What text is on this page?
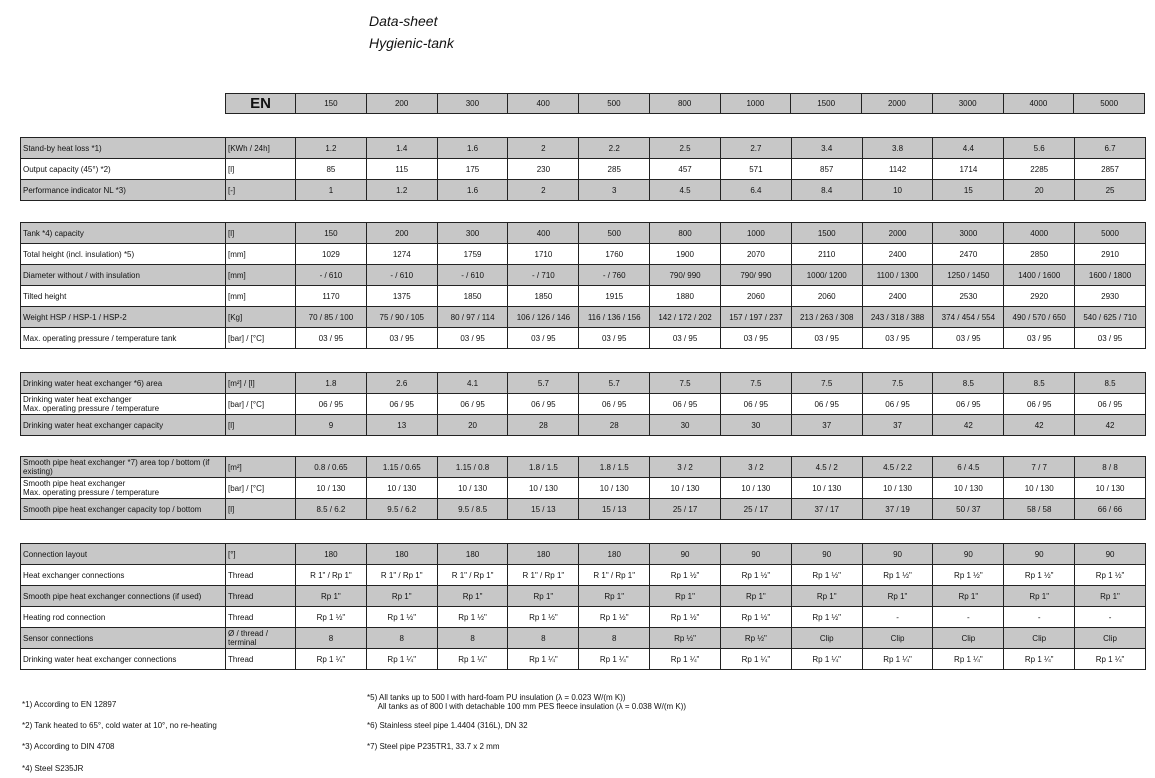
Data-sheet
Hygienic-tank
EN	150	200	300	400	500	800	1000	1500	2000	3000	4000	5000
Stand-by heat loss *1)	[KWh / 24h]	1.2	1.4	1.6	2	2.2	2.5	2.7	3.4	3.8	4.4	5.6	6.7
Output capacity (45°) *2)	[l]	85	115	175	230	285	457	571	857	1142	1714	2285	2857
Performance indicator NL *3)	[-]	1	1.2	1.6	2	3	4.5	6.4	8.4	10	15	20	25
Tank *4) capacity	[l]	150	200	300	400	500	800	1000	1500	2000	3000	4000	5000
Total height (incl. insulation) *5)	[mm]	1029	1274	1759	1710	1760	1900	2070	2110	2400	2470	2850	2910
Diameter without / with insulation	[mm]	- / 610	- / 610	- / 610	- / 710	- / 760	790/ 990	790/ 990	1000/ 1200	1100 / 1300	1250 / 1450	1400 / 1600	1600 / 1800
Tilted height	[mm]	1170	1375	1850	1850	1915	1880	2060	2060	2400	2530	2920	2930
Weight HSP / HSP-1 / HSP-2	[Kg]	70 / 85 / 100	75 / 90 / 105	80 / 97 / 114	106 / 126 / 146	116 / 136 / 156	142 / 172 / 202	157 / 197 / 237	213 / 263 / 308	243 / 318 / 388	374 / 454 / 554	490 / 570 / 650	540 / 625 / 710
Max. operating pressure / temperature tank	[bar] / [°C]	03 / 95	03 / 95	03 / 95	03 / 95	03 / 95	03 / 95	03 / 95	03 / 95	03 / 95	03 / 95	03 / 95	03 / 95
Drinking water heat exchanger *6) area	[m²] / [l]	1.8	2.6	4.1	5.7	5.7	7.5	7.5	7.5	7.5	8.5	8.5	8.5
Drinking water heat exchanger
Max. operating pressure / temperature	[bar] / [°C]	06 / 95	06 / 95	06 / 95	06 / 95	06 / 95	06 / 95	06 / 95	06 / 95	06 / 95	06 / 95	06 / 95	06 / 95
Drinking water heat exchanger capacity	[l]	9	13	20	28	28	30	30	37	37	42	42	42
Smooth pipe heat exchanger *7) area top / bottom (if existing)	[m²]	0.8 / 0.65	1.15 / 0.65	1.15 / 0.8	1.8 / 1.5	1.8 / 1.5	3 / 2	3 / 2	4.5 / 2	4.5 / 2.2	6 / 4.5	7 / 7	8 / 8
Smooth pipe heat exchanger
Max. operating pressure / temperature	[bar] / [°C]	10 / 130	10 / 130	10 / 130	10 / 130	10 / 130	10 / 130	10 / 130	10 / 130	10 / 130	10 / 130	10 / 130	10 / 130
Smooth pipe heat exchanger capacity top / bottom	[l]	8.5 / 6.2	9.5 / 6.2	9.5 / 8.5	15 / 13	15 / 13	25 / 17	25 / 17	37 / 17	37 / 19	50 / 37	58 / 58	66 / 66
Connection layout	[°]	180	180	180	180	180	90	90	90	90	90	90	90
Heat exchanger connections	Thread	R 1" / Rp 1"	R 1" / Rp 1"	R 1" / Rp 1"	R 1" / Rp 1"	R 1" / Rp 1"	Rp 1 ½"	Rp 1 ½"	Rp 1 ½"	Rp 1 ½"	Rp 1 ½"	Rp 1 ½"	Rp 1 ½"
Smooth pipe heat exchanger connections (if used)	Thread	Rp 1"	Rp 1"	Rp 1"	Rp 1"	Rp 1"	Rp 1"	Rp 1"	Rp 1"	Rp 1"	Rp 1"	Rp 1"	Rp 1"
Heating rod connection	Thread	Rp 1 ½"	Rp 1 ½"	Rp 1 ½"	Rp 1 ½"	Rp 1 ½"	Rp 1 ½"	Rp 1 ½"	Rp 1 ½"	-	-	-	-
Sensor connections	Ø / thread / terminal	8	8	8	8	8	Rp ½"	Rp ½"	Clip	Clip	Clip	Clip	Clip
Drinking water heat exchanger connections	Thread	Rp 1 ¼"	Rp 1 ¼"	Rp 1 ¼"	Rp 1 ¼"	Rp 1 ¼"	Rp 1 ¼"	Rp 1 ¼"	Rp 1 ¼"	Rp 1 ¼"	Rp 1 ¼"	Rp 1 ¼"	Rp 1 ¼"
*1) According to EN 12897
*2) Tank heated to 65°, cold water at 10°, no re-heating
*3) According to DIN 4708
*4) Steel S235JR
*5) All tanks up to 500 l with hard-foam PU insulation (λ = 0.023 W/(m K))
All tanks as of 800 l with detachable 100 mm PES fleece insulation (λ = 0.038 W/(m K))
*6) Stainless steel pipe 1.4404 (316L), DN 32
*7) Steel pipe P235TR1, 33.7 x 2 mm
